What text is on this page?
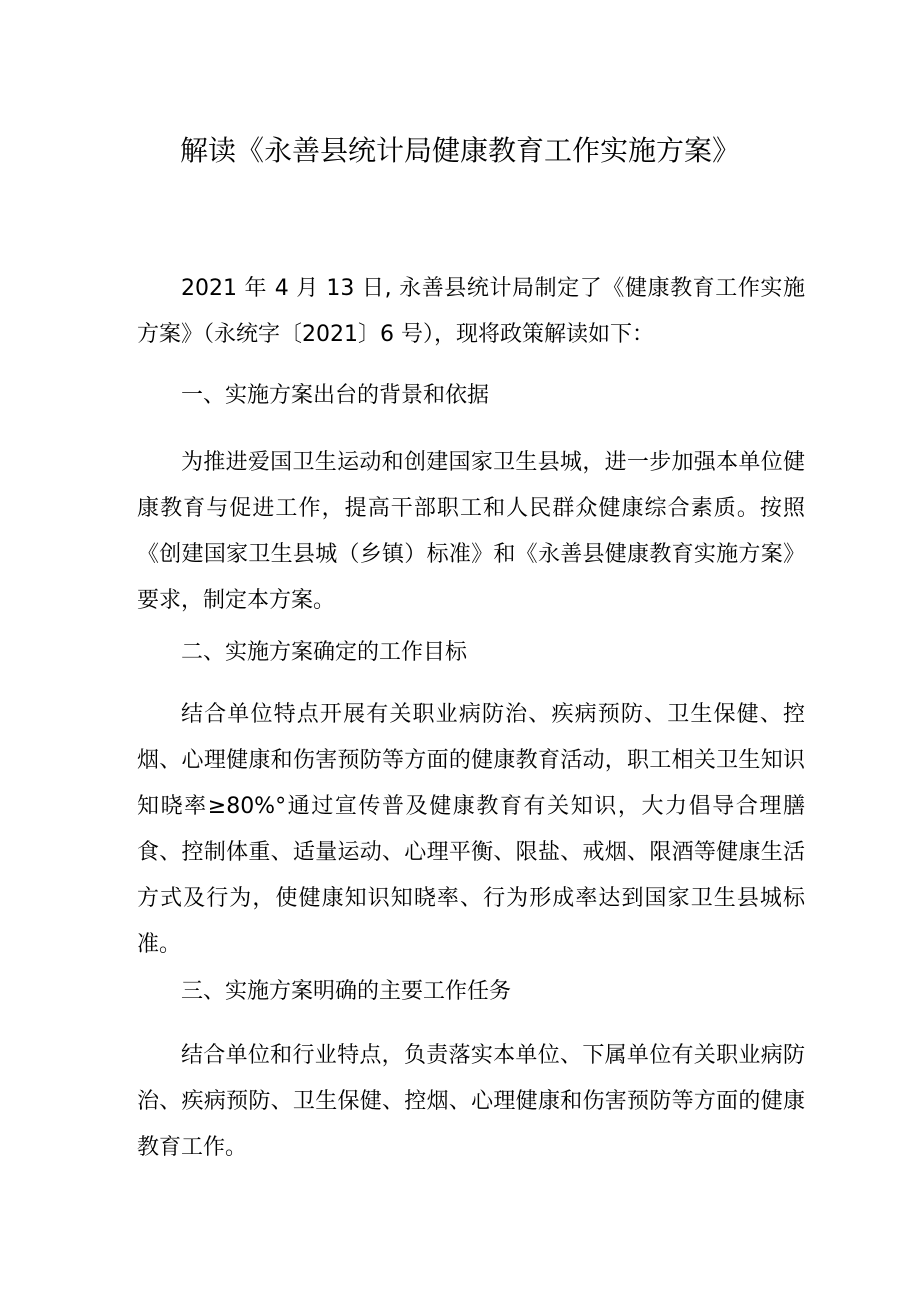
解读《永善县统计局健康教育工作实施方案》

2021 年 4 月 13 日, 永善县统计局制定了《健康教育工作实施方案》（永统字〔2021〕6 号），现将政策解读如下：

一、实施方案出台的背景和依据

为推进爱国卫生运动和创建国家卫生县城，进一步加强本单位健康教育与促进工作，提高干部职工和人民群众健康综合素质。按照《创建国家卫生县城（乡镇）标准》和《永善县健康教育实施方案》要求，制定本方案。

二、实施方案确定的工作目标

结合单位特点开展有关职业病防治、疾病预防、卫生保健、控烟、心理健康和伤害预防等方面的健康教育活动，职工相关卫生知识知晓率≥80%°通过宣传普及健康教育有关知识，大力倡导合理膳食、控制体重、适量运动、心理平衡、限盐、戒烟、限酒等健康生活方式及行为，使健康知识知晓率、行为形成率达到国家卫生县城标准。

三、实施方案明确的主要工作任务

结合单位和行业特点，负责落实本单位、下属单位有关职业病防治、疾病预防、卫生保健、控烟、心理健康和伤害预防等方面的健康教育工作。
